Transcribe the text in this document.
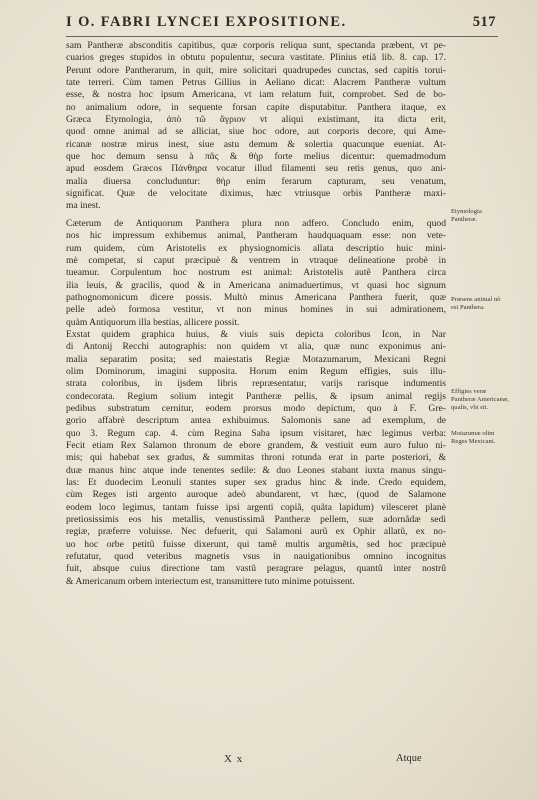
I O. FABRI LYNCEI EXPOSITIONE.	517
sam Pantheræ absconditis capitibus, quæ corporis reliqua sunt, spectanda præbent, vt pe-
cuarios greges stupidos in obtutu populentur, secura vastitate. Plinius etiã lib. 8. cap. 17.
Perunt odore Pantherarum, in quit, mire solicitari quadrupedes cunctas, sed capitis torui-
tate terreri. Cùm tamen Petrus Gillius in Aeliano dicat: Alacrem Pantheræ vultum
esse, & nostra hoc ipsum Americana, vt iam relatum fuit, comprobet. Sed de bo-
no animalium odore, in sequente forsan capite disputabitur. Panthera itaque, ex
Græca Etymologia, ἀπὸ τῶ ἄγριον vt aliqui existimant, ita dicta erit,
quod omne animal ad se alliciat, siue hoc odore, aut corporis decore, qui Ame-
ricanæ nostræ mirus inest, siue astu demum & solertia quacunque eueniat. At-
que hoc demum sensu à πᾶς & θὴρ forte melius dicentur: quemadmodum
apud eosdem Græcos Πάνθηρα vocatur illud filamenti seu retis genus, quo ani-
malia diuersa concluduntur: θὴρ enim ferarum capturam, seu venatum,
significat. Quæ de velocitate diximus, hæc vtriusque orbis Pantheræ maxi-
ma inest.
Cæterum de Antiquorum Panthera plura non adfero. Concludo enim, quod
nos hic impressum exhibemus animal, Pantheram haudquaquam esse: non vete-
rum quidem, cùm Aristotelis ex physiognomicis allata descriptio huic mini-
mè competat, si caput præcipuè & ventrem in vtraque delineatione probè in
tueamur. Corpulentum hoc nostrum est animal: Aristotelis autẽ Panthera circa
ilia leuis, & gracilis, quod & in Americana animaduertimus, vt quasi hoc signum
pathognomonicum dicere possis. Multò minus Americana Panthera fuerit, quæ
pelle adeò formosa vestitur, vt non minus homines in sui admirationem,
quàm Antiquorum illa bestias, allicere possit.
Exstat quidem graphica huius, & viuis suis depicta coloribus Icon, in Nar
di Antonij Recchi autographis: non quidem vt alia, quæ nunc exponimus ani-
malia separatim posita; sed maiestatis Regiæ Motazumarum, Mexicani Regni
olim Dominorum, imagini supposita. Horum enim Regum effigies, suis illu-
strata coloribus, in ijsdem libris repræsentatur, varijs rarisque indumentis
condecorata. Regium solium integit Pantheræ pellis, & ipsum animal regijs
pedibus substratum cernitur, eodem prorsus modo depictum, quo à F. Gre-
gorio affabrè descriptum antea exhibuimus. Salomonis sane ad exemplum, de
quo 3. Regum cap. 4. cùm Regina Saba ipsum visitaret, hæc legimus verba:
Fecit etiam Rex Salamon thronum de ebore grandem, & vestiuit eum auro fuluo ni-
mis; qui habebat sex gradus, & summitas throni rotunda erat in parte posteriori, &
duæ manus hinc atque inde tenentes sedile: & duo Leones stabant iuxta manus singu-
las: Et duodecim Leonuli stantes super sex gradus hinc & inde. Credo equidem,
cùm Reges isti argento auroque adeò abundarent, vt hæc, (quod de Salamone
eodem loco legimus, tantam fuisse ipsi argenti copiã, quãta lapidum) vilesceret planè
pretiosissimis eos his metallis, venustissimã Pantheræ pellem, suæ adornãdæ sedi
regiæ, præferre voluisse. Nec defuerit, qui Salamoni aurũ ex Ophir allatũ, ex no-
uo hoc orbe petitũ fuisse dixerunt, qui tamẽ multis argumẽtis, sed hoc præcipuè
refutatur, quod veteribus magnetis vsus in nauigationibus omnino incognitus
fuit, absque cuius directione tam vastũ peragrare pelagus, quantũ inter nostrũ
& Americanum orbem interiectum est, transmittere tuto minime potuissent.
Etymologia Pantheræ.
Præsens animal nõ est Panthera.
Effigies veræ Pantheræ Americanæ, qualis, vbi sit.
Motazumæ olim Reges Mexicani.
X x	Atque
